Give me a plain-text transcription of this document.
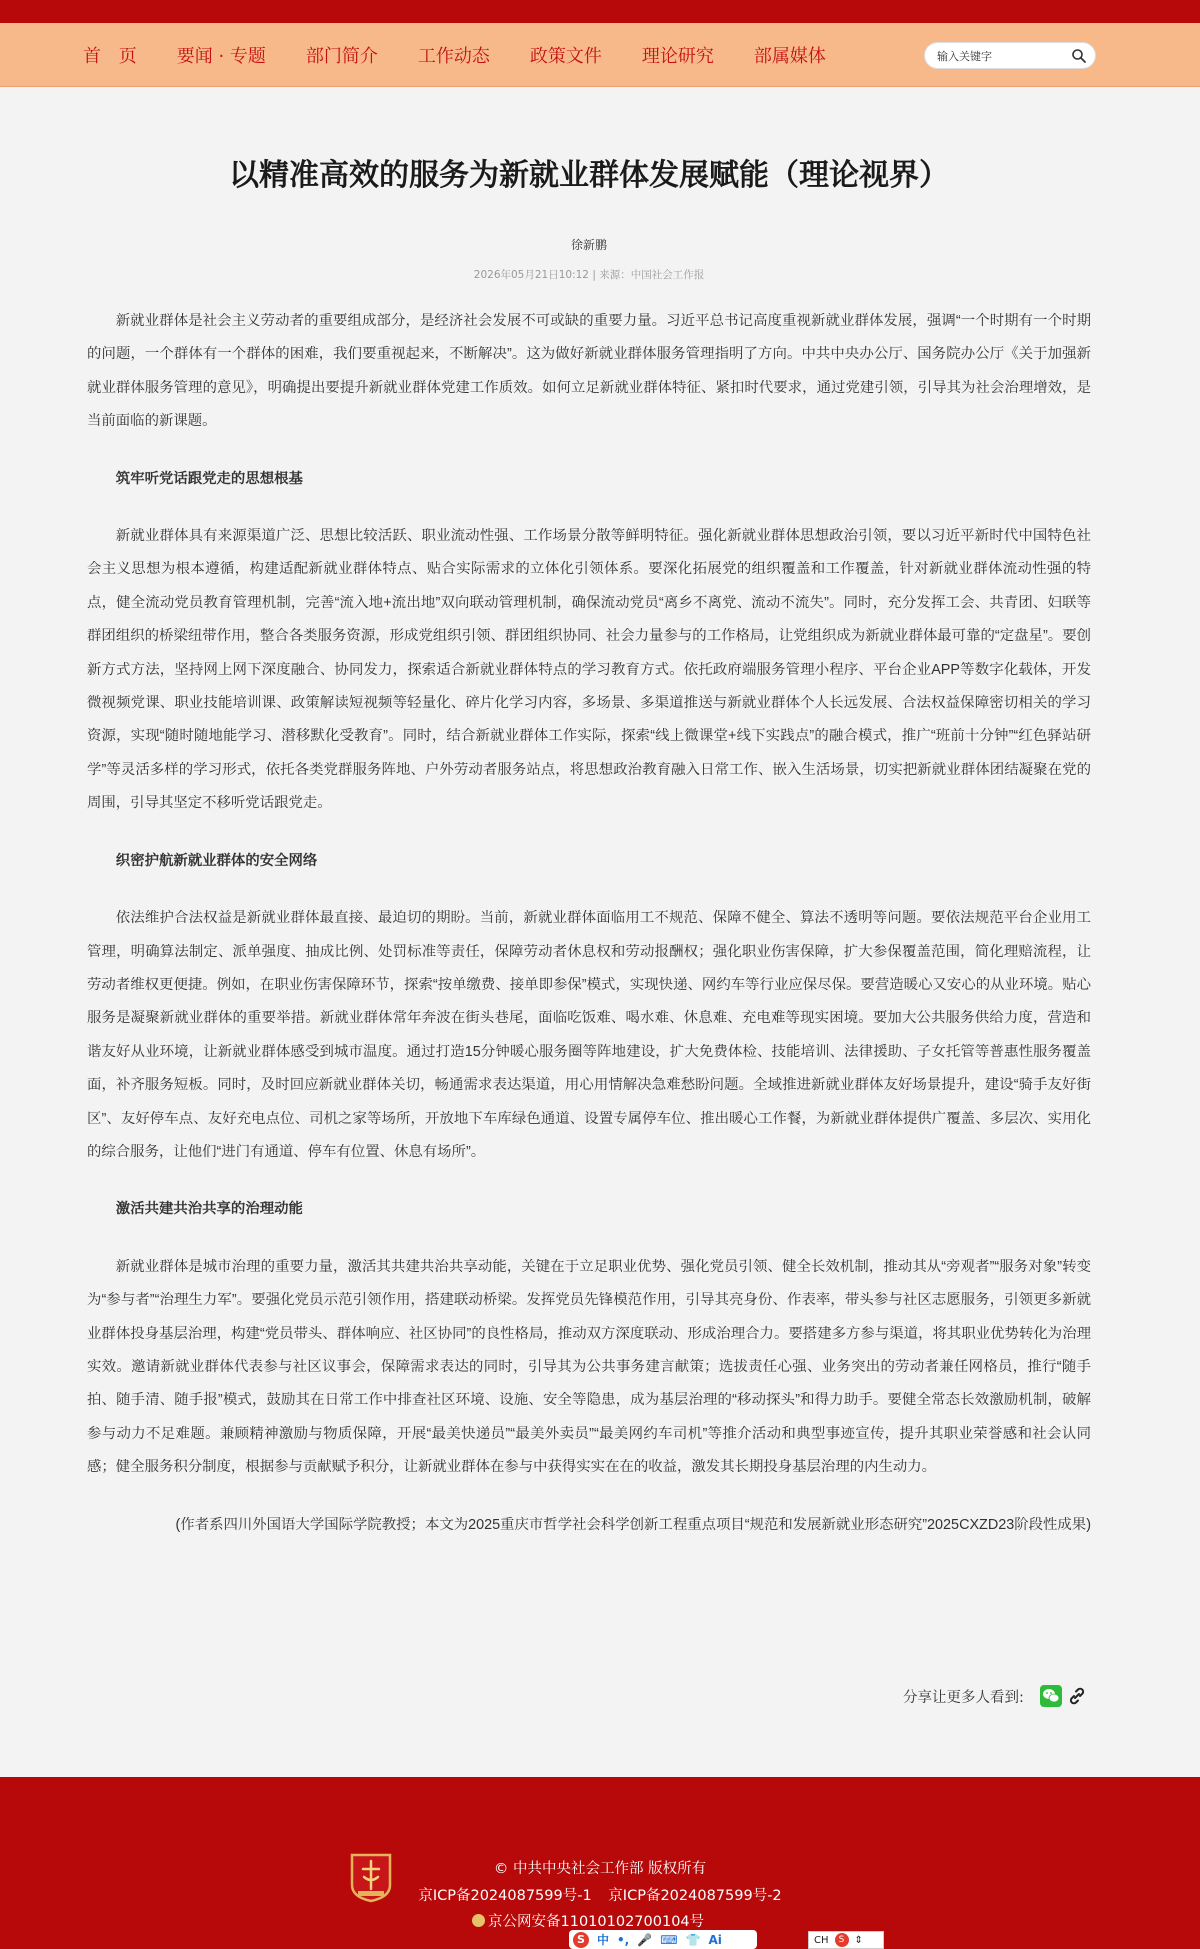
首 页 要闻 · 专题 部门简介 工作动态 政策文件 理论研究 部属媒体
输入关键字
以精准高效的服务为新就业群体发展赋能（理论视界）
徐新鹏
2026年05月21日10:12 | 来源：中国社会工作报

新就业群体是社会主义劳动者的重要组成部分，是经济社会发展不可或缺的重要力量。习近平总书记高度重视新就业群体发展，强调“一个时期有一个时期的问题，一个群体有一个群体的困难，我们要重视起来，不断解决”。这为做好新就业群体服务管理指明了方向。中共中央办公厅、国务院办公厅《关于加强新就业群体服务管理的意见》，明确提出要提升新就业群体党建工作质效。如何立足新就业群体特征、紧扣时代要求，通过党建引领，引导其为社会治理增效，是当前面临的新课题。

筑牢听党话跟党走的思想根基

新就业群体具有来源渠道广泛、思想比较活跃、职业流动性强、工作场景分散等鲜明特征。强化新就业群体思想政治引领，要以习近平新时代中国特色社会主义思想为根本遵循，构建适配新就业群体特点、贴合实际需求的立体化引领体系。要深化拓展党的组织覆盖和工作覆盖，针对新就业群体流动性强的特点，健全流动党员教育管理机制，完善“流入地+流出地”双向联动管理机制，确保流动党员“离乡不离党、流动不流失”。同时，充分发挥工会、共青团、妇联等群团组织的桥梁纽带作用，整合各类服务资源，形成党组织引领、群团组织协同、社会力量参与的工作格局，让党组织成为新就业群体最可靠的“定盘星”。要创新方式方法，坚持网上网下深度融合、协同发力，探索适合新就业群体特点的学习教育方式。依托政府端服务管理小程序、平台企业APP等数字化载体，开发微视频党课、职业技能培训课、政策解读短视频等轻量化、碎片化学习内容，多场景、多渠道推送与新就业群体个人长远发展、合法权益保障密切相关的学习资源，实现“随时随地能学习、潜移默化受教育”。同时，结合新就业群体工作实际，探索“线上微课堂+线下实践点”的融合模式，推广“班前十分钟”“红色驿站研学”等灵活多样的学习形式，依托各类党群服务阵地、户外劳动者服务站点，将思想政治教育融入日常工作、嵌入生活场景，切实把新就业群体团结凝聚在党的周围，引导其坚定不移听党话跟党走。

织密护航新就业群体的安全网络

依法维护合法权益是新就业群体最直接、最迫切的期盼。当前，新就业群体面临用工不规范、保障不健全、算法不透明等问题。要依法规范平台企业用工管理，明确算法制定、派单强度、抽成比例、处罚标准等责任，保障劳动者休息权和劳动报酬权；强化职业伤害保障，扩大参保覆盖范围，简化理赔流程，让劳动者维权更便捷。例如，在职业伤害保障环节，探索“按单缴费、接单即参保”模式，实现快递、网约车等行业应保尽保。要营造暖心又安心的从业环境。贴心服务是凝聚新就业群体的重要举措。新就业群体常年奔波在街头巷尾，面临吃饭难、喝水难、休息难、充电难等现实困境。要加大公共服务供给力度，营造和谐友好从业环境，让新就业群体感受到城市温度。通过打造15分钟暖心服务圈等阵地建设，扩大免费体检、技能培训、法律援助、子女托管等普惠性服务覆盖面，补齐服务短板。同时，及时回应新就业群体关切，畅通需求表达渠道，用心用情解决急难愁盼问题。全域推进新就业群体友好场景提升，建设“骑手友好街区”、友好停车点、友好充电点位、司机之家等场所，开放地下车库绿色通道、设置专属停车位、推出暖心工作餐，为新就业群体提供广覆盖、多层次、实用化的综合服务，让他们“进门有通道、停车有位置、休息有场所”。

激活共建共治共享的治理动能

新就业群体是城市治理的重要力量，激活其共建共治共享动能，关键在于立足职业优势、强化党员引领、健全长效机制，推动其从“旁观者”“服务对象”转变为“参与者”“治理生力军”。要强化党员示范引领作用，搭建联动桥梁。发挥党员先锋模范作用，引导其亮身份、作表率，带头参与社区志愿服务，引领更多新就业群体投身基层治理，构建“党员带头、群体响应、社区协同”的良性格局，推动双方深度联动、形成治理合力。要搭建多方参与渠道，将其职业优势转化为治理实效。邀请新就业群体代表参与社区议事会，保障需求表达的同时，引导其为公共事务建言献策；选拔责任心强、业务突出的劳动者兼任网格员，推行“随手拍、随手清、随手报”模式，鼓励其在日常工作中排查社区环境、设施、安全等隐患，成为基层治理的“移动探头”和得力助手。要健全常态长效激励机制，破解参与动力不足难题。兼顾精神激励与物质保障，开展“最美快递员”“最美外卖员”“最美网约车司机”等推介活动和典型事迹宣传，提升其职业荣誉感和社会认同感；健全服务积分制度，根据参与贡献赋予积分，让新就业群体在参与中获得实实在在的收益，激发其长期投身基层治理的内生动力。

(作者系四川外国语大学国际学院教授；本文为2025重庆市哲学社会科学创新工程重点项目“规范和发展新就业形态研究”2025CXZD23阶段性成果)

分享让更多人看到:
© 中共中央社会工作部 版权所有
京ICP备2024087599号-1 京ICP备2024087599号-2
京公网安备11010102700104号
S	中 •, 🎤 ⌨ 👕 Ai	CH	S	⇕
